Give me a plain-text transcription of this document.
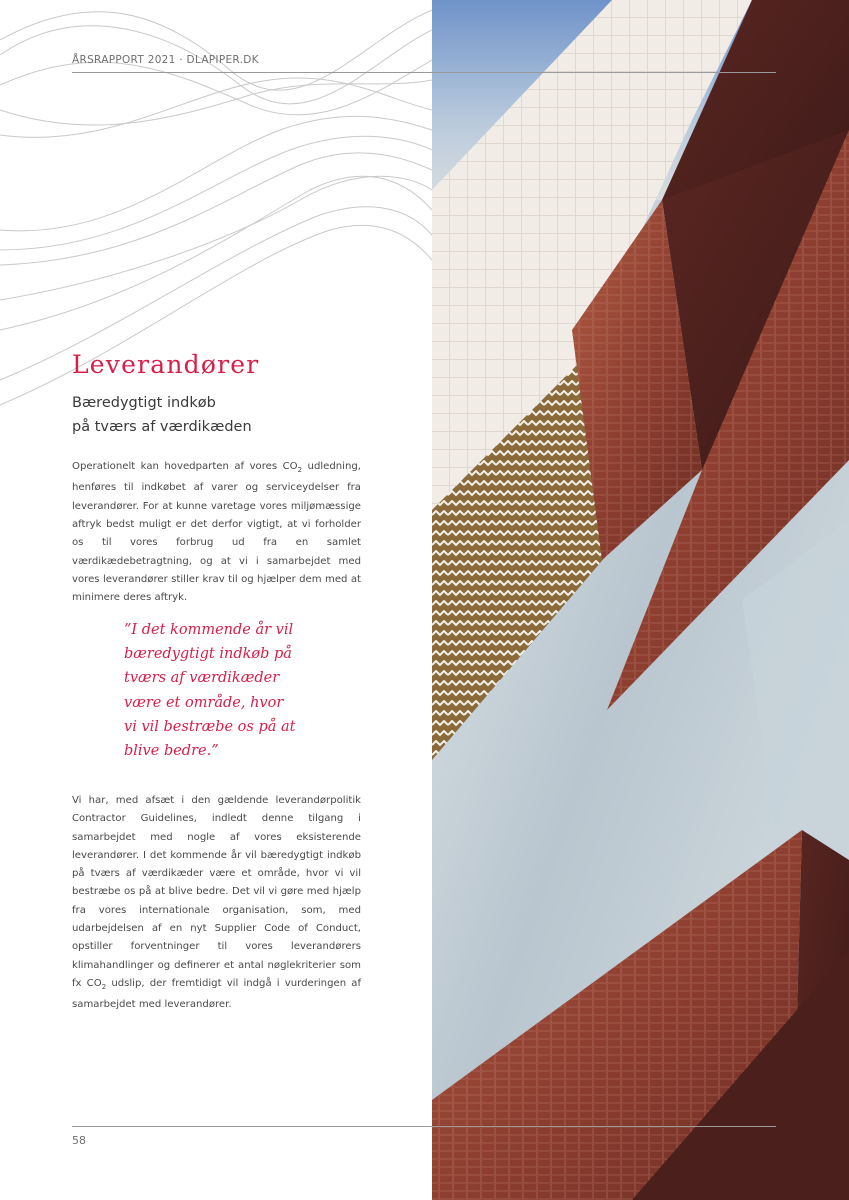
ÅRSRAPPORT 2021 · DLAPIPER.DK
Leverandører
Bæredygtigt indkøb
på tværs af værdikæden

Operationelt kan hovedparten af vores $CO_2$ udledning, henføres til indkøbet af varer og serviceydelser fra leverandører. For at kunne varetage vores miljømæssige aftryk bedst muligt er det derfor vigtigt, at vi forholder os til vores forbrug ud fra en samlet værdikædebetragtning, og at vi i samarbejdet med vores leverandører stiller krav til og hjælper dem med at minimere deres aftryk.

”I det kommende år vil
bæredygtigt indkøb på
tværs af værdikæder
være et område, hvor
vi vil bestræbe os på at
blive bedre.”

Vi har, med afsæt i den gældende leverandørpolitik Contractor Guidelines, indledt denne tilgang i samarbejdet med nogle af vores eksisterende leverandører. I det kommende år vil bæredygtigt indkøb på tværs af værdikæder være et område, hvor vi vil bestræbe os på at blive bedre. Det vil vi gøre med hjælp fra vores internationale organisation, som, med udarbejdelsen af en nyt Supplier Code of Conduct, opstiller forventninger til vores leverandørers klimahandlinger og definerer et antal nøglekriterier som fx $CO_2$ udslip, der fremtidigt vil indgå i vurderingen af samarbejdet med leverandører.

58
